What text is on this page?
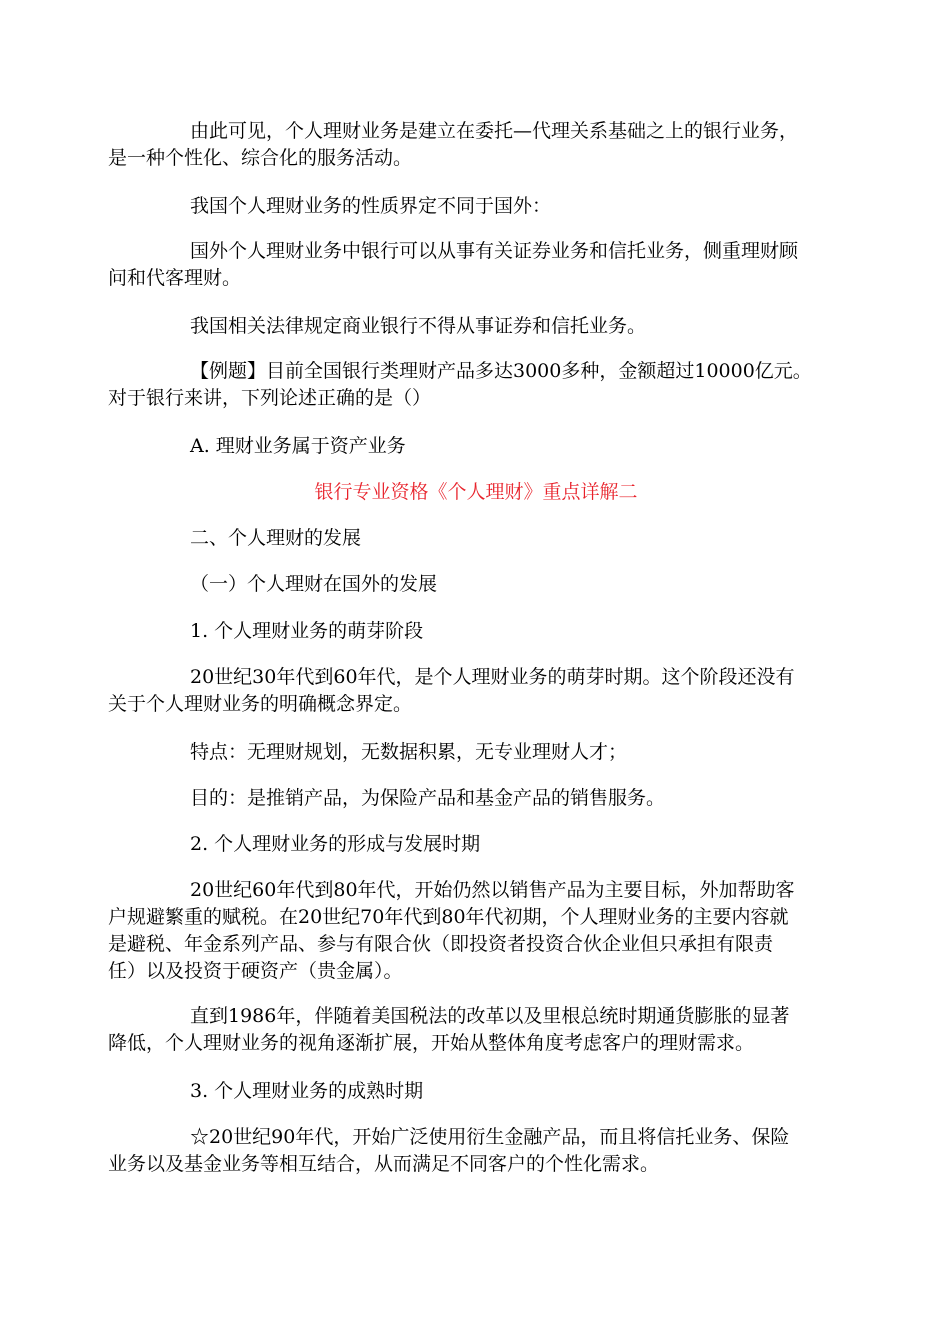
由此可见，个人理财业务是建立在委托—代理关系基础之上的银行业务，
是一种个性化、综合化的服务活动。
我国个人理财业务的性质界定不同于国外：
国外个人理财业务中银行可以从事有关证券业务和信托业务，侧重理财顾
问和代客理财。
我国相关法律规定商业银行不得从事证券和信托业务。
【例题】目前全国银行类理财产品多达3000多种，金额超过10000亿元。
对于银行来讲，下列论述正确的是（）
A. 理财业务属于资产业务
银行专业资格《个人理财》重点详解二
二、个人理财的发展
（一）个人理财在国外的发展
1. 个人理财业务的萌芽阶段
20世纪30年代到60年代，是个人理财业务的萌芽时期。这个阶段还没有
关于个人理财业务的明确概念界定。
特点：无理财规划，无数据积累，无专业理财人才；
目的：是推销产品，为保险产品和基金产品的销售服务。
2. 个人理财业务的形成与发展时期
20世纪60年代到80年代，开始仍然以销售产品为主要目标，外加帮助客
户规避繁重的赋税。在20世纪70年代到80年代初期，个人理财业务的主要内容就
是避税、年金系列产品、参与有限合伙（即投资者投资合伙企业但只承担有限责
任）以及投资于硬资产（贵金属）。
直到1986年，伴随着美国税法的改革以及里根总统时期通货膨胀的显著
降低，个人理财业务的视角逐渐扩展，开始从整体角度考虑客户的理财需求。
3. 个人理财业务的成熟时期
☆20世纪90年代，开始广泛使用衍生金融产品，而且将信托业务、保险
业务以及基金业务等相互结合，从而满足不同客户的个性化需求。
